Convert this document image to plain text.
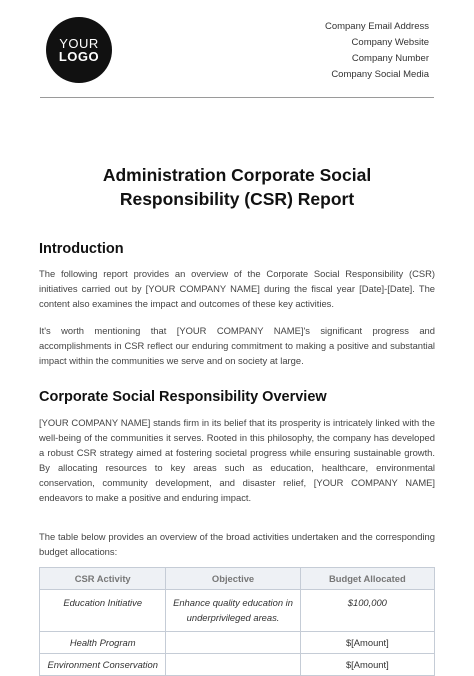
YOUR
LOGO
Company Email Address
Company Website
Company Number
Company Social Media
Administration Corporate Social
Responsibility (CSR) Report
Introduction

The following report provides an overview of the Corporate Social Responsibility (CSR) initiatives carried out by [YOUR COMPANY NAME] during the fiscal year [Date]-[Date]. The content also examines the impact and outcomes of these key activities.

It's worth mentioning that [YOUR COMPANY NAME]'s significant progress and accomplishments in CSR reflect our enduring commitment to making a positive and substantial impact within the communities we serve and on society at large.

Corporate Social Responsibility Overview

[YOUR COMPANY NAME] stands firm in its belief that its prosperity is intricately linked with the well-being of the communities it serves. Rooted in this philosophy, the company has developed a robust CSR strategy aimed at fostering societal progress while ensuring sustainable growth. By allocating resources to key areas such as education, healthcare, environmental conservation, community development, and disaster relief, [YOUR COMPANY NAME] endeavors to make a positive and enduring impact.

The table below provides an overview of the broad activities undertaken and the corresponding budget allocations:

CSR Activity	Objective	Budget Allocated
Education Initiative	Enhance quality education in underprivileged areas.	$100,000
Health Program		$[Amount]
Environment Conservation		$[Amount]
